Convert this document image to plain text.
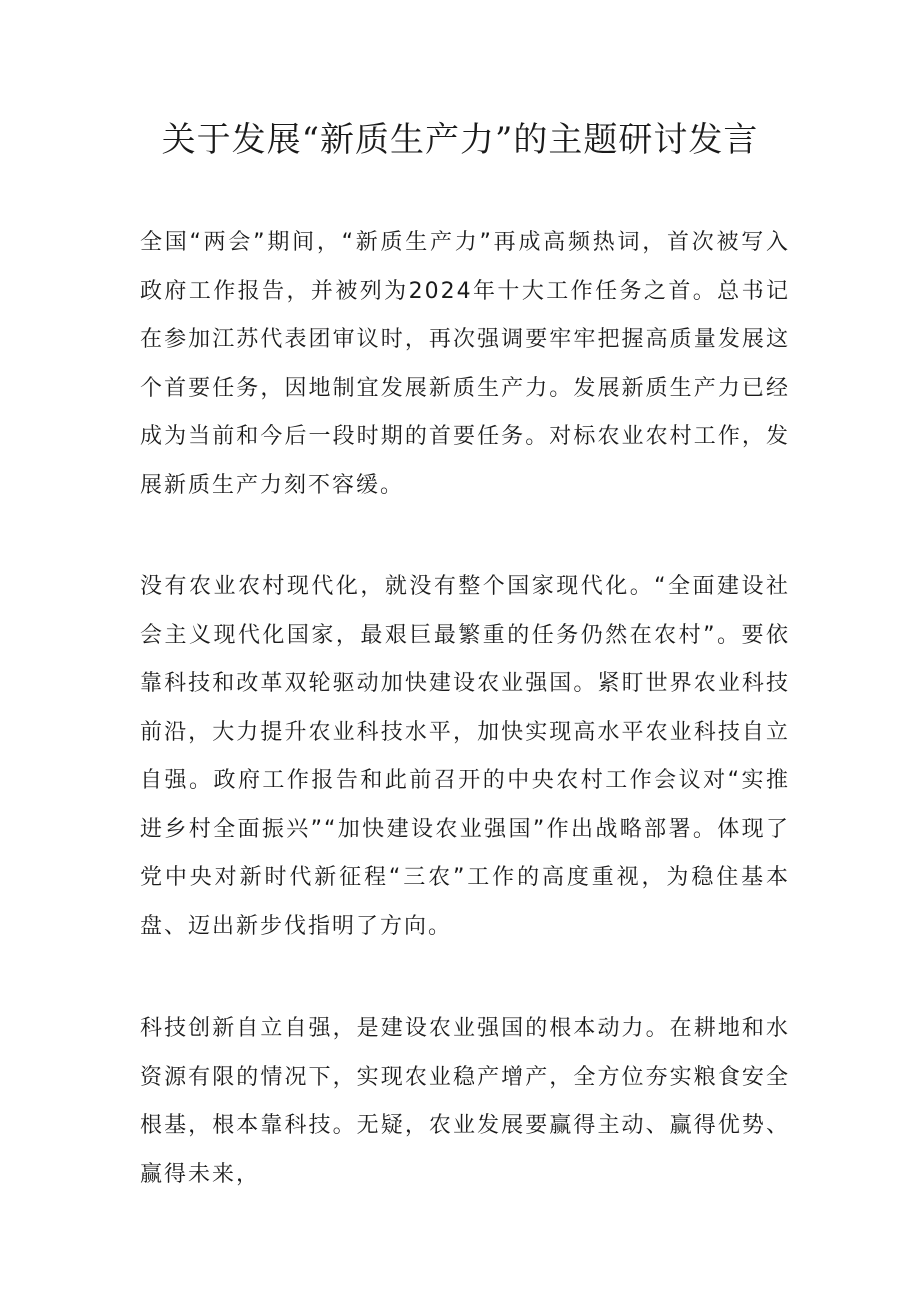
关于发展“新质生产力”的主题研讨发言

全国“两会”期间，“新质生产力”再成高频热词，首次被写入政府工作报告，并被列为2024年十大工作任务之首。总书记在参加江苏代表团审议时，再次强调要牢牢把握高质量发展这个首要任务，因地制宜发展新质生产力。发展新质生产力已经成为当前和今后一段时期的首要任务。对标农业农村工作，发展新质生产力刻不容缓。

没有农业农村现代化，就没有整个国家现代化。“全面建设社会主义现代化国家，最艰巨最繁重的任务仍然在农村”。要依靠科技和改革双轮驱动加快建设农业强国。紧盯世界农业科技前沿，大力提升农业科技水平，加快实现高水平农业科技自立自强。政府工作报告和此前召开的中央农村工作会议对“实推进乡村全面振兴”“加快建设农业强国”作出战略部署。体现了党中央对新时代新征程“三农”工作的高度重视，为稳住基本盘、迈出新步伐指明了方向。

科技创新自立自强，是建设农业强国的根本动力。在耕地和水资源有限的情况下，实现农业稳产增产，全方位夯实粮食安全根基，根本靠科技。无疑，农业发展要赢得主动、赢得优势、赢得未来，
